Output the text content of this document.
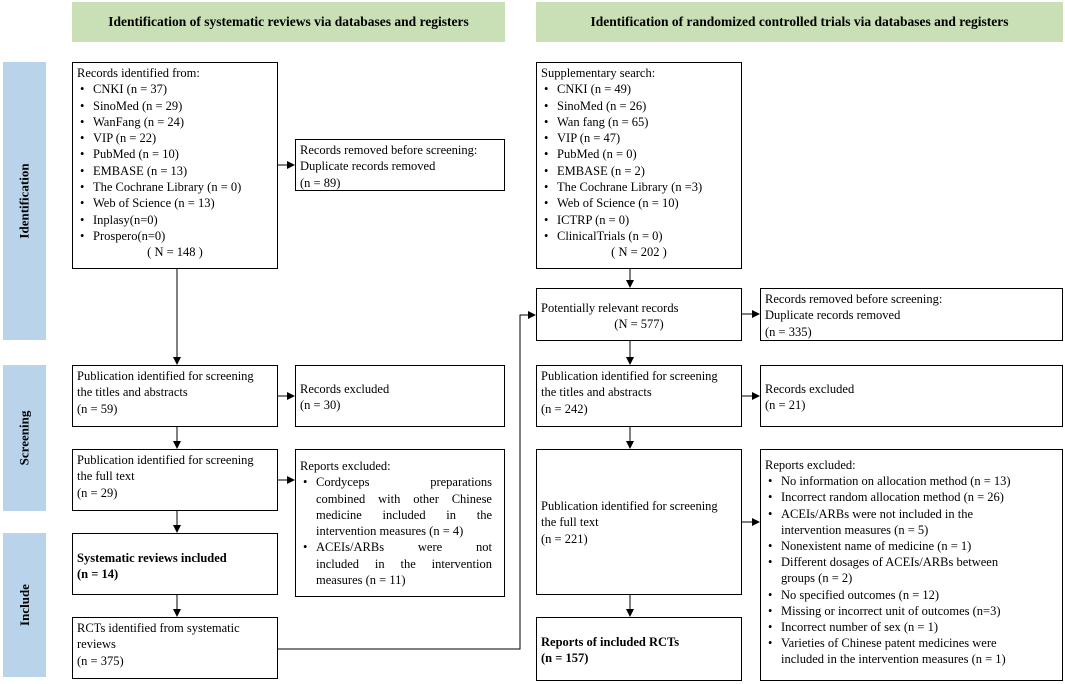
Identification of systematic reviews via databases and registers	Identification of randomized controlled trials via databases and registers
Identification
Screening
Include
Records identified from:
• CNKI (n = 37)
• SinoMed (n = 29)
• WanFang (n = 24)
• VIP (n = 22)
• PubMed (n = 10)
• EMBASE (n = 13)
• The Cochrane Library (n = 0)
• Web of Science (n = 13)
• Inplasy(n=0)
• Prospero(n=0)
( N = 148 )
Records removed before screening:
Duplicate records removed
(n = 89)
Publication identified for screening
the titles and abstracts
(n = 59)
Records excluded
(n = 30)
Publication identified for screening
the full text
(n = 29)
Reports excluded:
• Cordyceps preparations
combined with other Chinese
medicine included in the
intervention measures (n = 4)
• ACEIs/ARBs were not
included in the intervention
measures (n = 11)
Systematic reviews included
(n = 14)
RCTs identified from systematic
reviews
(n = 375)
Supplementary search:
• CNKI (n = 49)
• SinoMed (n = 26)
• Wan fang (n = 65)
• VIP (n = 47)
• PubMed (n = 0)
• EMBASE (n = 2)
• The Cochrane Library (n =3)
• Web of Science (n = 10)
• ICTRP (n = 0)
• ClinicalTrials (n = 0)
( N = 202 )
Potentially relevant records
(N = 577)
Records removed before screening:
Duplicate records removed
(n = 335)
Publication identified for screening
the titles and abstracts
(n = 242)
Records excluded
(n = 21)
Publication identified for screening
the full text
(n = 221)
Reports excluded:
• No information on allocation method (n = 13)
• Incorrect random allocation method (n = 26)
• ACEIs/ARBs were not included in the
intervention measures (n = 5)
• Nonexistent name of medicine (n = 1)
• Different dosages of ACEIs/ARBs between
groups (n = 2)
• No specified outcomes (n = 12)
• Missing or incorrect unit of outcomes (n=3)
• Incorrect number of sex (n = 1)
• Varieties of Chinese patent medicines were
included in the intervention measures (n = 1)
Reports of included RCTs
(n = 157)
